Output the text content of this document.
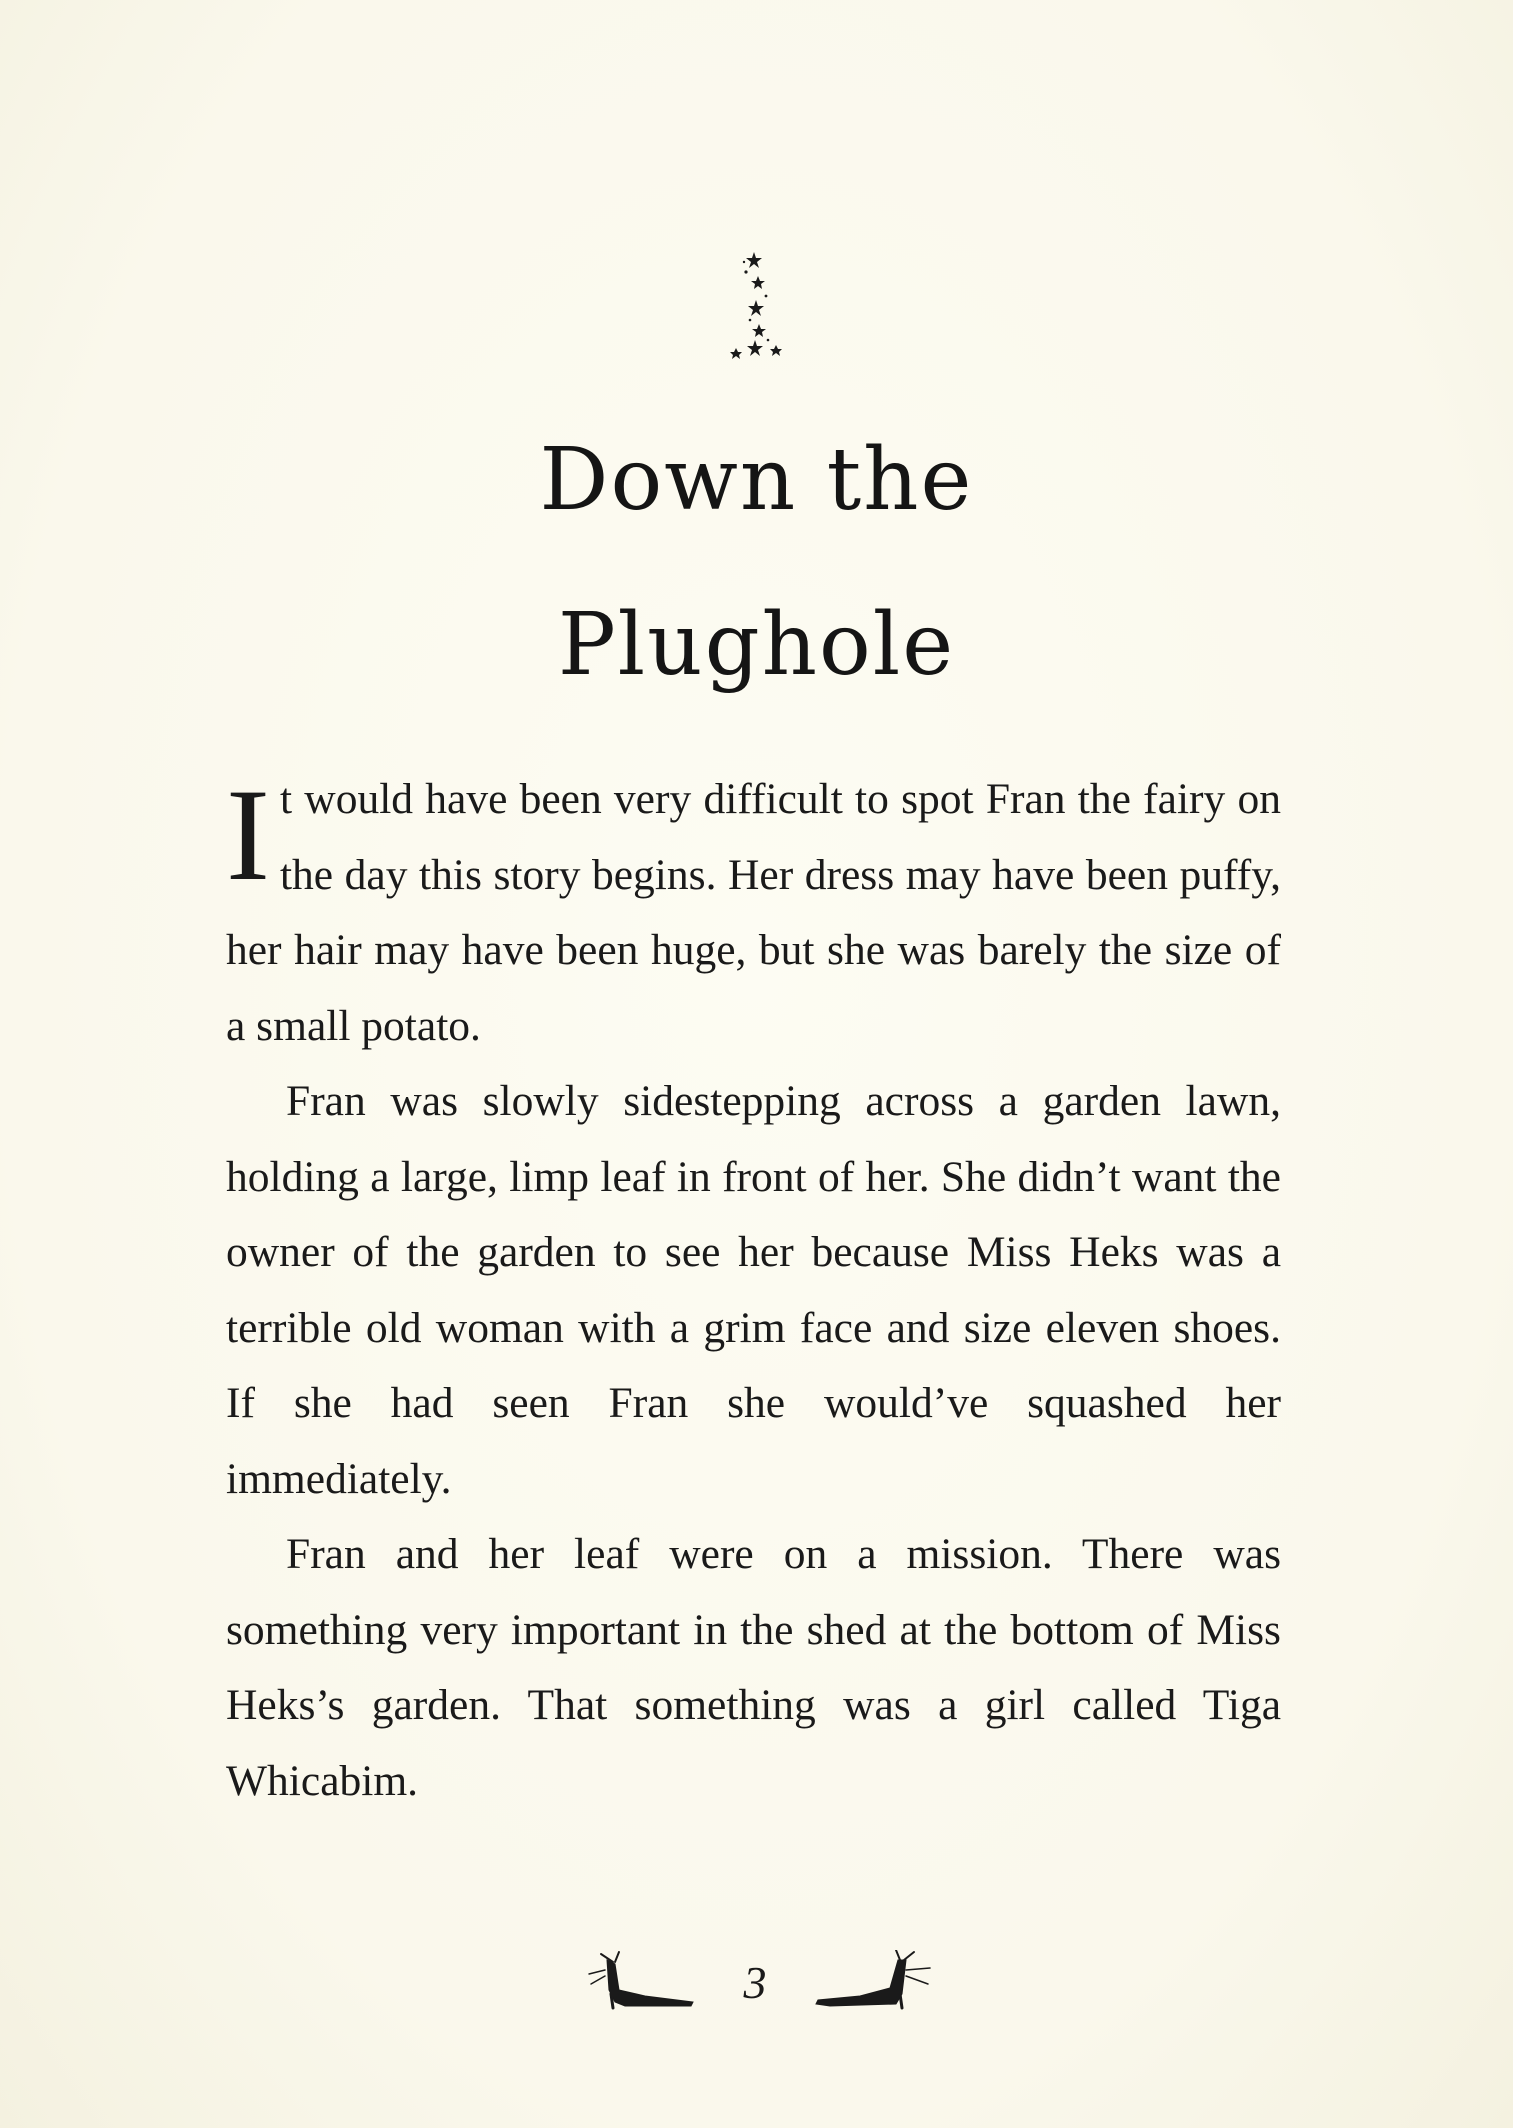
Down the
Plughole

It would have been very difficult to spot Fran the fairy on the day this story begins. Her dress may have been puffy, her hair may have been huge, but she was barely the size of a small potato.

Fran was slowly sidestepping across a garden lawn, holding a large, limp leaf in front of her. She didn’t want the owner of the garden to see her because Miss Heks was a terrible old woman with a grim face and size eleven shoes. If she had seen Fran she would’ve squashed her immediately.

Fran and her leaf were on a mission. There was something very important in the shed at the bottom of Miss Heks’s garden. That something was a girl called Tiga Whicabim.

3
